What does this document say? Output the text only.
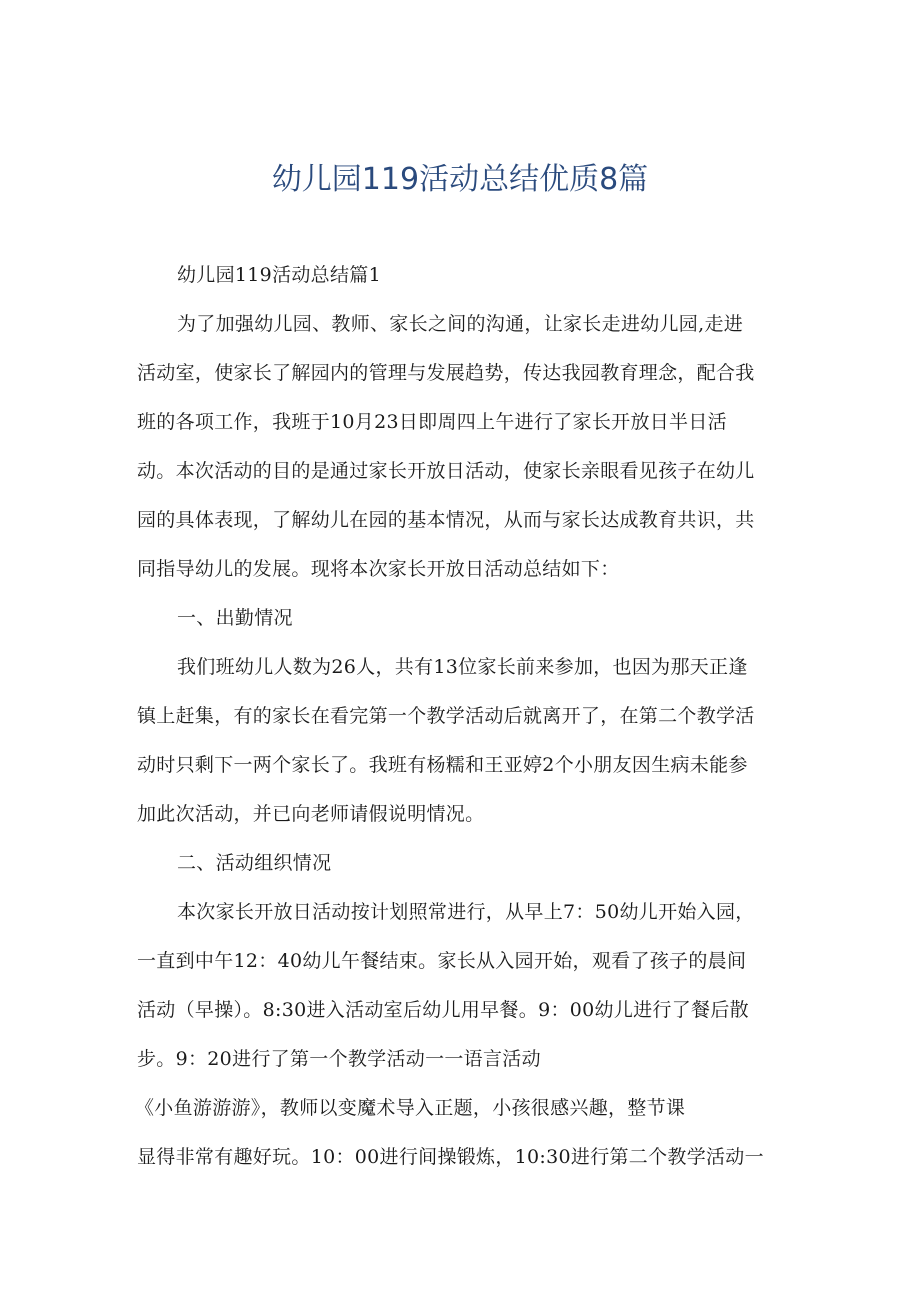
幼儿园119活动总结优质8篇
幼儿园119活动总结篇1
为了加强幼儿园、教师、家长之间的沟通，让家长走进幼儿园,走进
活动室，使家长了解园内的管理与发展趋势，传达我园教育理念，配合我
班的各项工作，我班于10月23日即周四上午进行了家长开放日半日活
动。本次活动的目的是通过家长开放日活动，使家长亲眼看见孩子在幼儿
园的具体表现，了解幼儿在园的基本情况，从而与家长达成教育共识，共
同指导幼儿的发展。现将本次家长开放日活动总结如下：
一、出勤情况
我们班幼儿人数为26人，共有13位家长前来参加，也因为那天正逢
镇上赶集，有的家长在看完第一个教学活动后就离开了，在第二个教学活
动时只剩下一两个家长了。我班有杨糯和王亚婷2个小朋友因生病未能参
加此次活动，并已向老师请假说明情况。
二、活动组织情况
本次家长开放日活动按计划照常进行，从早上7：50幼儿开始入园，
一直到中午12：40幼儿午餐结束。家长从入园开始，观看了孩子的晨间
活动（早操）。8:30进入活动室后幼儿用早餐。9：00幼儿进行了餐后散
步。9：20进行了第一个教学活动一一语言活动
《小鱼游游游》，教师以变魔术导入正题，小孩很感兴趣，整节课
显得非常有趣好玩。10：00进行间操锻炼，10:30进行第二个教学活动一
